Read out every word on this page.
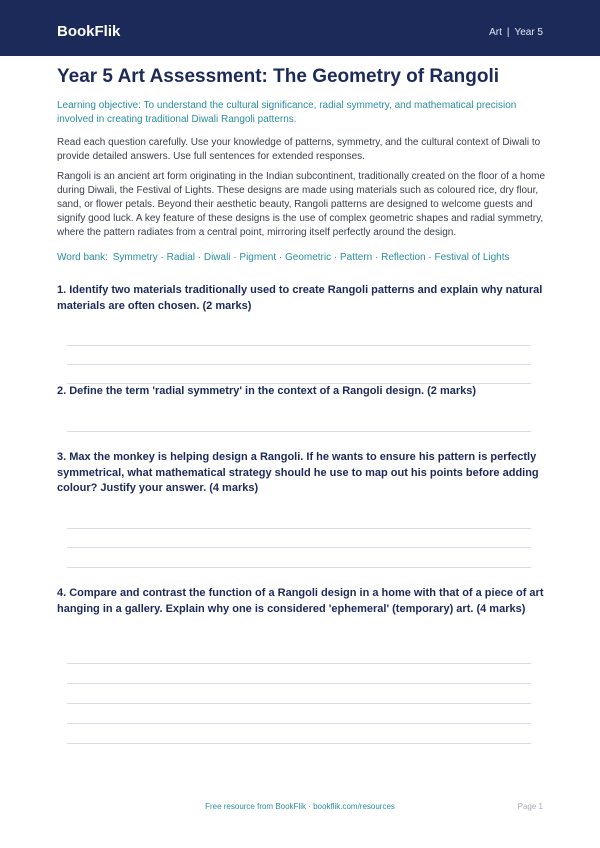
BookFlik	Art | Year 5
Year 5 Art Assessment: The Geometry of Rangoli

Learning objective: To understand the cultural significance, radial symmetry, and mathematical precision involved in creating traditional Diwali Rangoli patterns.

Read each question carefully. Use your knowledge of patterns, symmetry, and the cultural context of Diwali to provide detailed answers. Use full sentences for extended responses.

Rangoli is an ancient art form originating in the Indian subcontinent, traditionally created on the floor of a home during Diwali, the Festival of Lights. These designs are made using materials such as coloured rice, dry flour, sand, or flower petals. Beyond their aesthetic beauty, Rangoli patterns are designed to welcome guests and signify good luck. A key feature of these designs is the use of complex geometric shapes and radial symmetry, where the pattern radiates from a central point, mirroring itself perfectly around the design.

Word bank: Symmetry · Radial · Diwali · Pigment · Geometric · Pattern · Reflection · Festival of Lights

1. Identify two materials traditionally used to create Rangoli patterns and explain why natural materials are often chosen. (2 marks)

2. Define the term 'radial symmetry' in the context of a Rangoli design. (2 marks)

3. Max the monkey is helping design a Rangoli. If he wants to ensure his pattern is perfectly symmetrical, what mathematical strategy should he use to map out his points before adding colour? Justify your answer. (4 marks)

4. Compare and contrast the function of a Rangoli design in a home with that of a piece of art hanging in a gallery. Explain why one is considered 'ephemeral' (temporary) art. (4 marks)

Free resource from BookFlik · bookflik.com/resources	Page 1
